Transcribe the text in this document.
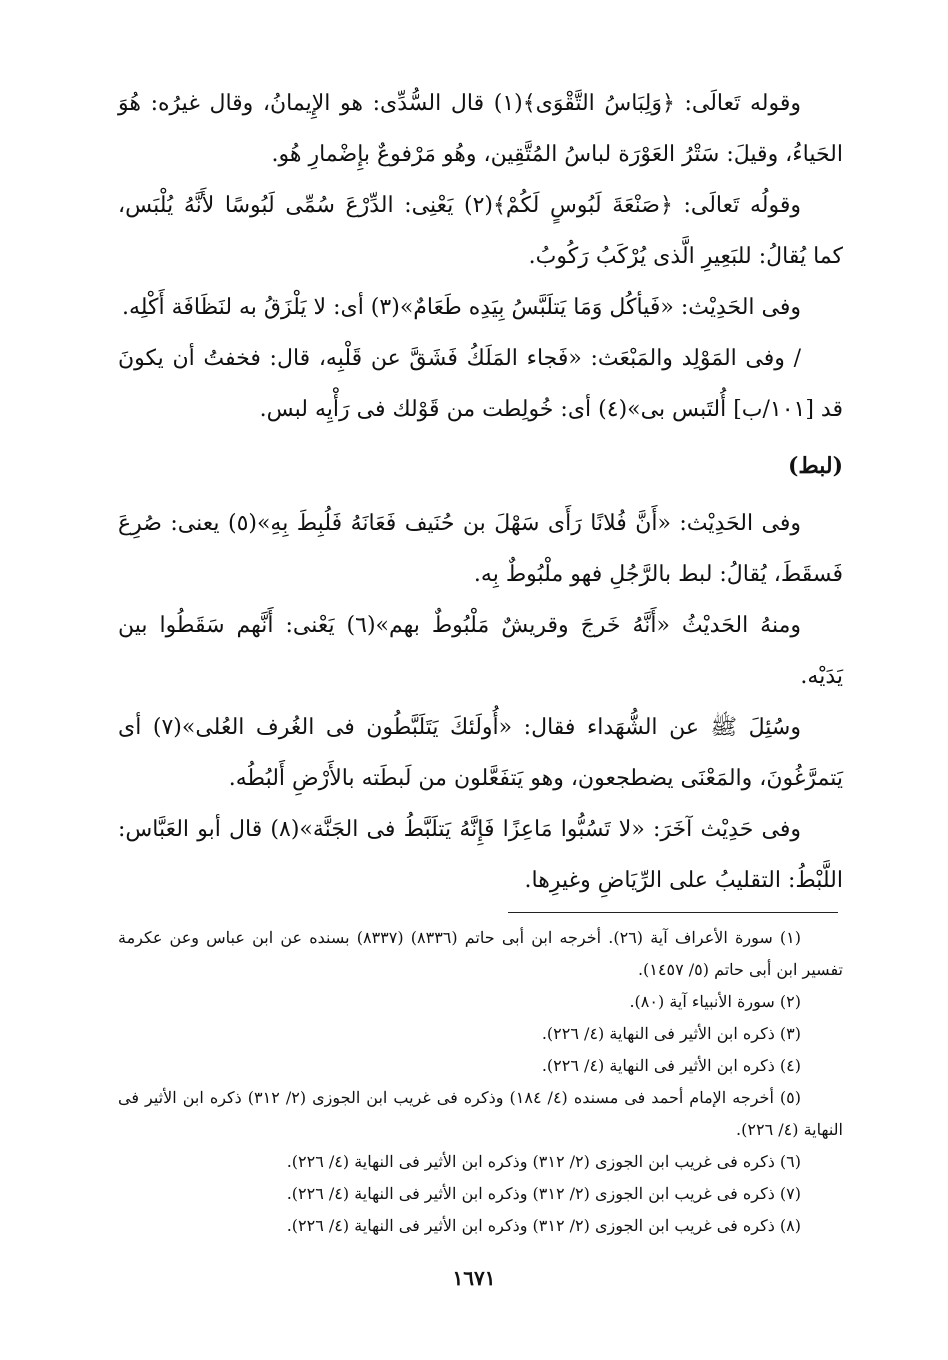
وقوله تَعالَى: ﴿وَلِبَاسُ التَّقْوَى﴾(١) قال السُّدِّى: هو الإِيمانُ، وقال غيرُه: هُوَ الحَياءُ، وقيلَ: سَتْرُ العَوْرَة لباسُ المُتَّقِين، وهُو مَرْفوعٌ بإِضْمارِ هُو.

وقولُه تَعالَى: ﴿صَنْعَةَ لَبُوسٍ لَكُمْ﴾(٢) يَعْنِى: الدِّرْعَ سُمِّى لَبُوسًا لأَنَّهُ يُلْبَس، كما يُقالُ: للبَعِيرِ الَّذى يُرْكَبُ رَكُوبُ.

وفى الحَدِيْث: «فَيأكُل وَمَا يَتلَبَّسُ بِيَدِه طَعَامٌ»(٣) أى: لا يَلْزَقُ به لنَظَافَة أَكْلِه.

/ وفى المَوْلِد والمَبْعَث: «فَجاء المَلَكُ فَشَقَّ عن قَلْبِه، قال: فخفتُ أن يكونَ قد [١٠١/ب] أُلتَبس بى»(٤) أى: خُولِطت من قَوْلك فى رَأْيِه لبس.

(لبط)

وفى الحَدِيْث: «أَنَّ فُلانًا رَأَى سَهْلَ بن حُنَيف فَعَانَهُ فَلُبِطَ بِهِ»(٥) يعنى: صُرِعَ فَسقَطَ، يُقالُ: لبط بالرَّجُلِ فهو ملْبُوطٌ بِه.

ومنهُ الحَديْثُ «أَنَّهُ خَرجَ وقريشٌ مَلْبُوطٌ بهم»(٦) يَعْنى: أَنَّهم سَقَطُوا بين يَدَيْه.

وسُئِلَ ﷺ عن الشُّهَداء فقال: «أُولَئكَ يَتَلَبَّطُون فى الغُرف العُلى»(٧) أى يَتمرَّغُونَ، والمَعْنَى يضطجعون، وهو يَتفَعَّلون من لَبطَته بالأَرْضِ أَلبُطُه.

وفى حَدِيْث آخَرَ: «لا تَسُبُّوا مَاعِزًا فَإِنَّهُ يَتلَبَّطُ فى الجَنَّة»(٨) قال أبو العَبَّاس: اللَّبْطُ: التقليبُ على الرِّيَاضِ وغيرِها.

(١) سورة الأعراف آية (٢٦). أخرجه ابن أبى حاتم (٨٣٣٦) (٨٣٣٧) بسنده عن ابن عباس وعن عكرمة تفسير ابن أبى حاتم (٥/ ١٤٥٧).

(٢) سورة الأنبياء آية (٨٠).

(٣) ذكره ابن الأثير فى النهاية (٤/ ٢٢٦).

(٤) ذكره ابن الأثير فى النهاية (٤/ ٢٢٦).

(٥) أخرجه الإمام أحمد فى مسنده (٤/ ١٨٤) وذكره فى غريب ابن الجوزى (٢/ ٣١٢) ذكره ابن الأثير فى النهاية (٤/ ٢٢٦).

(٦) ذكره فى غريب ابن الجوزى (٢/ ٣١٢) وذكره ابن الأثير فى النهاية (٤/ ٢٢٦).

(٧) ذكره فى غريب ابن الجوزى (٢/ ٣١٢) وذكره ابن الأثير فى النهاية (٤/ ٢٢٦).

(٨) ذكره فى غريب ابن الجوزى (٢/ ٣١٢) وذكره ابن الأثير فى النهاية (٤/ ٢٢٦).

١٦٧١
